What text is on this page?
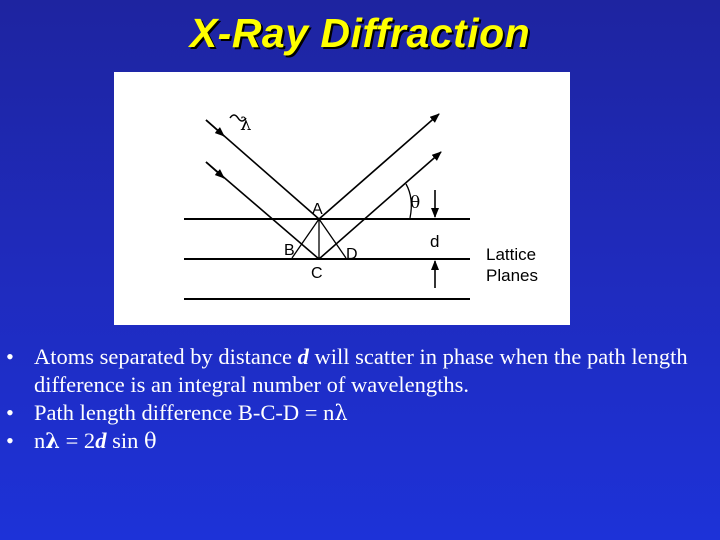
X-Ray Diffraction
λ
θ
A
B
C
D
d
Lattice
Planes
• Atoms separated by distance d will scatter in phase when the path length difference is an integral number of wavelengths.
• Path length difference B-C-D = nλ
• nλ = 2d sin θ
